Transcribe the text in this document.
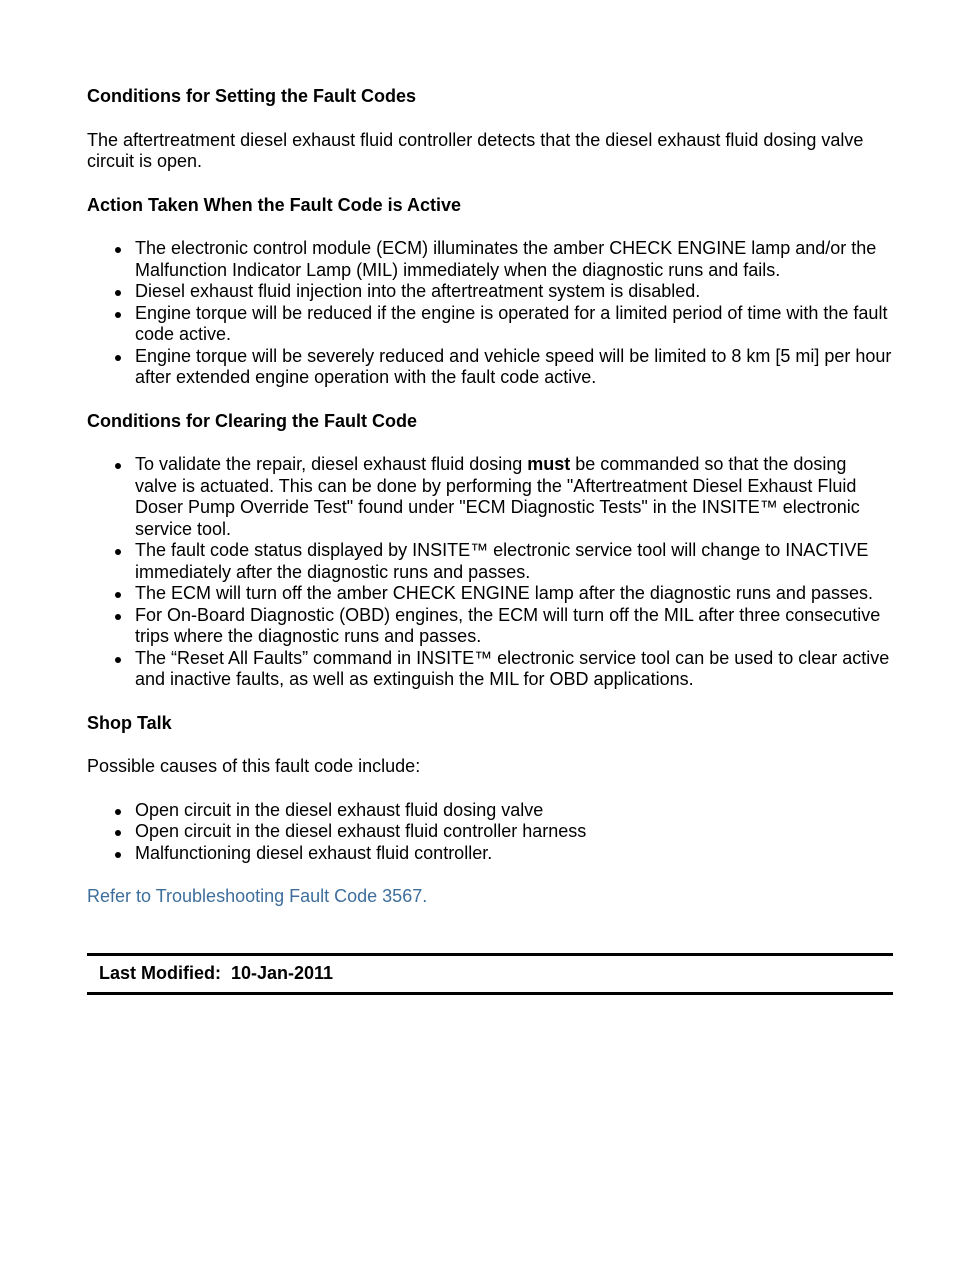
Conditions for Setting the Fault Codes

The aftertreatment diesel exhaust fluid controller detects that the diesel exhaust fluid dosing valve circuit is open.

Action Taken When the Fault Code is Active

The electronic control module (ECM) illuminates the amber CHECK ENGINE lamp and/or the Malfunction Indicator Lamp (MIL) immediately when the diagnostic runs and fails.
Diesel exhaust fluid injection into the aftertreatment system is disabled.
Engine torque will be reduced if the engine is operated for a limited period of time with the fault code active.
Engine torque will be severely reduced and vehicle speed will be limited to 8 km [5 mi] per hour after extended engine operation with the fault code active.

Conditions for Clearing the Fault Code

To validate the repair, diesel exhaust fluid dosing must be commanded so that the dosing valve is actuated. This can be done by performing the "Aftertreatment Diesel Exhaust Fluid Doser Pump Override Test" found under "ECM Diagnostic Tests" in the INSITE™ electronic service tool.
The fault code status displayed by INSITE™ electronic service tool will change to INACTIVE immediately after the diagnostic runs and passes.
The ECM will turn off the amber CHECK ENGINE lamp after the diagnostic runs and passes.
For On-Board Diagnostic (OBD) engines, the ECM will turn off the MIL after three consecutive trips where the diagnostic runs and passes.
The “Reset All Faults” command in INSITE™ electronic service tool can be used to clear active and inactive faults, as well as extinguish the MIL for OBD applications.

Shop Talk

Possible causes of this fault code include:

Open circuit in the diesel exhaust fluid dosing valve
Open circuit in the diesel exhaust fluid controller harness
Malfunctioning diesel exhaust fluid controller.

Refer to Troubleshooting Fault Code 3567.

Last Modified:  10-Jan-2011
